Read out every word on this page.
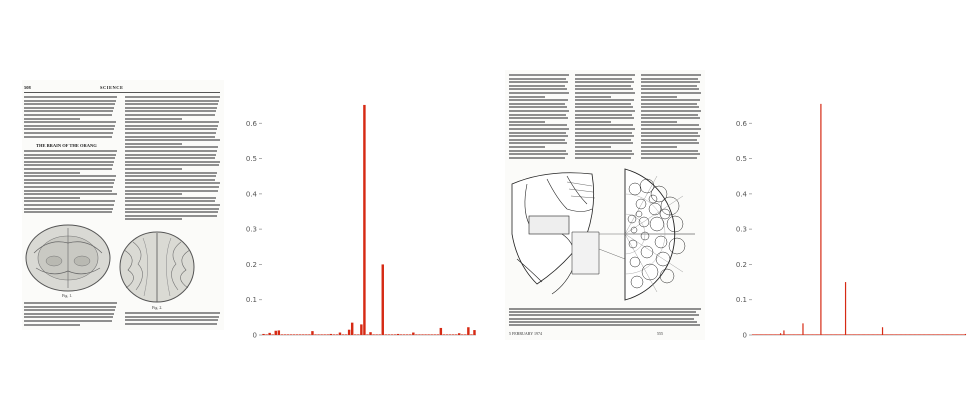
508	SCIENCE
THE BRAIN OF THE ORANG
Fig. 1.
Fig. 2.
0
0.1
0.2
0.3
0.4
0.5
0.6
5 FEBRUARY 1974	555	0
0.1
0.2
0.3
0.4
0.5
0.6
